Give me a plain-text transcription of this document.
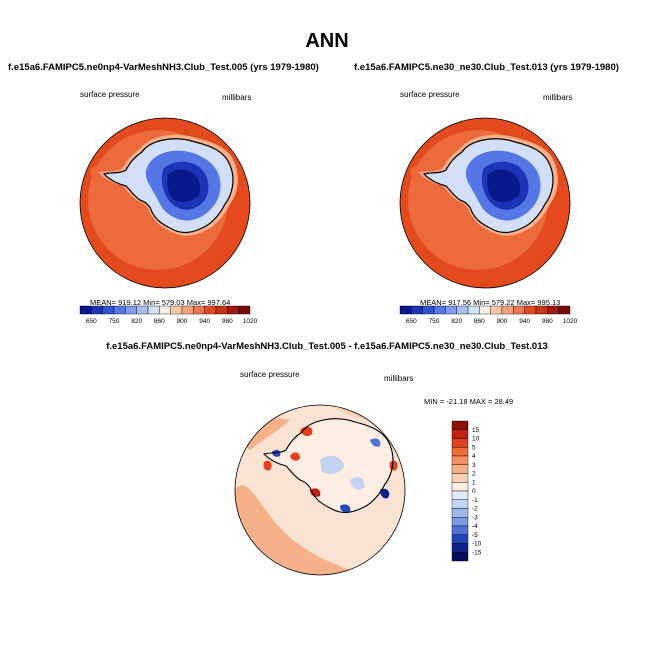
ANN
f.e15a6.FAMIPC5.ne0np4-VarMeshNH3.Club_Test.005 (yrs 1979-1980)
surface pressure	millibars
f.e15a6.FAMIPC5.ne30_ne30.Club_Test.013 (yrs 1979-1980)
surface pressure	millibars
f.e15a6.FAMIPC5.ne0np4-VarMeshNH3.Club_Test.005 - f.e15a6.FAMIPC5.ne30_ne30.Club_Test.013
surface pressure	millibars
650 750 820 860 900 940 980 1020	650 750 820 860 900 940 980 1020
15
10
5
4
3
2
1
0
-1
-2
-3
-4
-5
-10
-15
MEAN= 919.12 Min= 579.03 Max= 997.64	MEAN= 917.56 Min= 579.22 Max= 995.13
MIN = -21.18 MAX = 28.49
